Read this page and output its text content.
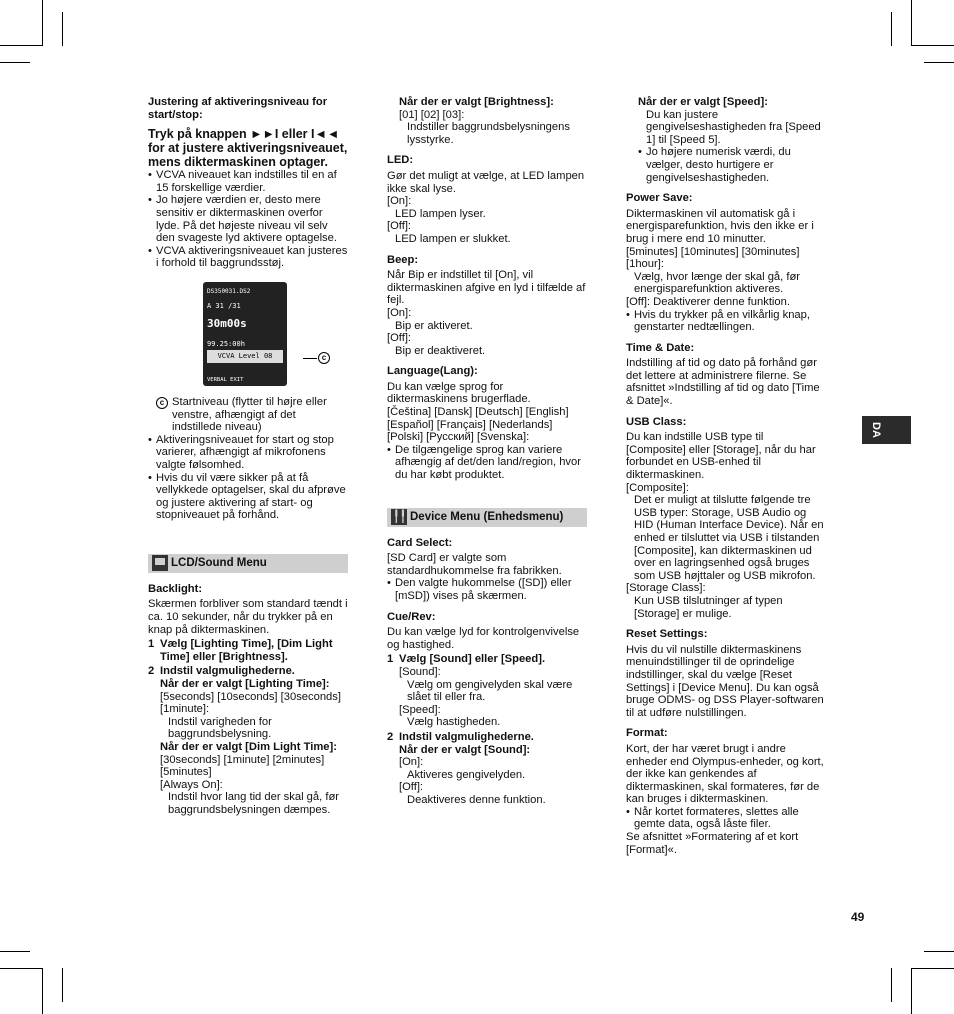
DA
49

Justering af aktiveringsniveau for start/stop:

Tryk på knappen ►►I eller I◄◄ for at justere aktiveringsniveauet, mens diktermaskinen optager.

• VCVA niveauet kan indstilles til en af 15 forskellige værdier.
• Jo højere værdien er, desto mere sensitiv er diktermaskinen overfor lyde. På det højeste niveau vil selv den svageste lyd aktivere optagelse.
• VCVA aktiveringsniveauet kan justeres i forhold til baggrundsstøj.
DS350031.DS2
A 31 /31
30m00s
99.25:00h
VCVA Level 08
VERBAL EXIT
c

c Startniveau (flytter til højre eller venstre, afhængigt af det indstillede niveau)

• Aktiveringsniveauet for start og stop varierer, afhængigt af mikrofonens valgte følsomhed.
• Hvis du vil være sikker på at få vellykkede optagelser, skal du afprøve og justere aktivering af start- og stopniveauet på forhånd.
LCD/Sound Menu

Backlight:

Skærmen forbliver som standard tændt i ca. 10 sekunder, når du trykker på en knap på diktermaskinen.

1 Vælg [Lighting Time], [Dim Light Time] eller [Brightness].

2 Indstil valgmulighederne.

Når der er valgt [Lighting Time]:

[5seconds] [10seconds] [30seconds] [1minute]:

Indstil varigheden for baggrundsbelysning.

Når der er valgt [Dim Light Time]:

[30seconds] [1minute] [2minutes] [5minutes]

[Always On]:

Indstil hvor lang tid der skal gå, før baggrundsbelysningen dæmpes.

Når der er valgt [Brightness]:

[01] [02] [03]:

Indstiller baggrundsbelysningens lysstyrke.

LED:

Gør det muligt at vælge, at LED lampen ikke skal lyse.

[On]:

LED lampen lyser.

[Off]:

LED lampen er slukket.

Beep:

Når Bip er indstillet til [On], vil diktermaskinen afgive en lyd i tilfælde af fejl.

[On]:

Bip er aktiveret.

[Off]:

Bip er deaktiveret.

Language(Lang):

Du kan vælge sprog for diktermaskinens brugerflade.

[Čeština] [Dansk] [Deutsch] [English] [Español] [Français] [Nederlands] [Polski] [Русский] [Svenska]:

• De tilgængelige sprog kan variere afhængig af det/den land/region, hvor du har købt produktet.
╿╿
Device Menu (Enhedsmenu)

Card Select:

[SD Card] er valgte som standardhukommelse fra fabrikken.

• Den valgte hukommelse ([SD]) eller [mSD]) vises på skærmen.

Cue/Rev:

Du kan vælge lyd for kontrolgenvivelse og hastighed.

1 Vælg [Sound] eller [Speed].

[Sound]:

Vælg om gengivelyden skal være slået til eller fra.

[Speed]:

Vælg hastigheden.

2 Indstil valgmulighederne.

Når der er valgt [Sound]:

[On]:

Aktiveres gengivelyden.

[Off]:

Deaktiveres denne funktion.

Når der er valgt [Speed]:

Du kan justere gengivelseshastigheden fra [Speed 1] til [Speed 5].

• Jo højere numerisk værdi, du vælger, desto hurtigere er gengivelseshastigheden.

Power Save:

Diktermaskinen vil automatisk gå i energisparefunktion, hvis den ikke er i brug i mere end 10 minutter.

[5minutes] [10minutes] [30minutes] [1hour]:

Vælg, hvor længe der skal gå, før energisparefunktion aktiveres.

[Off]: Deaktiverer denne funktion.

• Hvis du trykker på en vilkårlig knap, genstarter nedtællingen.

Time & Date:

Indstilling af tid og dato på forhånd gør det lettere at administrere filerne. Se afsnittet »Indstilling af tid og dato [Time & Date]«.

USB Class:

Du kan indstille USB type til [Composite] eller [Storage], når du har forbundet en USB-enhed til diktermaskinen.

[Composite]:

Det er muligt at tilslutte følgende tre USB typer: Storage, USB Audio og HID (Human Interface Device). Når en enhed er tilsluttet via USB i tilstanden [Composite], kan diktermaskinen ud over en lagringsenhed også bruges som USB højttaler og USB mikrofon.

[Storage Class]:

Kun USB tilslutninger af typen [Storage] er mulige.

Reset Settings:

Hvis du vil nulstille diktermaskinens menuindstillinger til de oprindelige indstillinger, skal du vælge [Reset Settings] i [Device Menu]. Du kan også bruge ODMS- og DSS Player-softwaren til at udføre nulstillingen.

Format:

Kort, der har været brugt i andre enheder end Olympus-enheder, og kort, der ikke kan genkendes af diktermaskinen, skal formateres, før de kan bruges i diktermaskinen.

• Når kortet formateres, slettes alle gemte data, også låste filer.

Se afsnittet »Formatering af et kort [Format]«.
